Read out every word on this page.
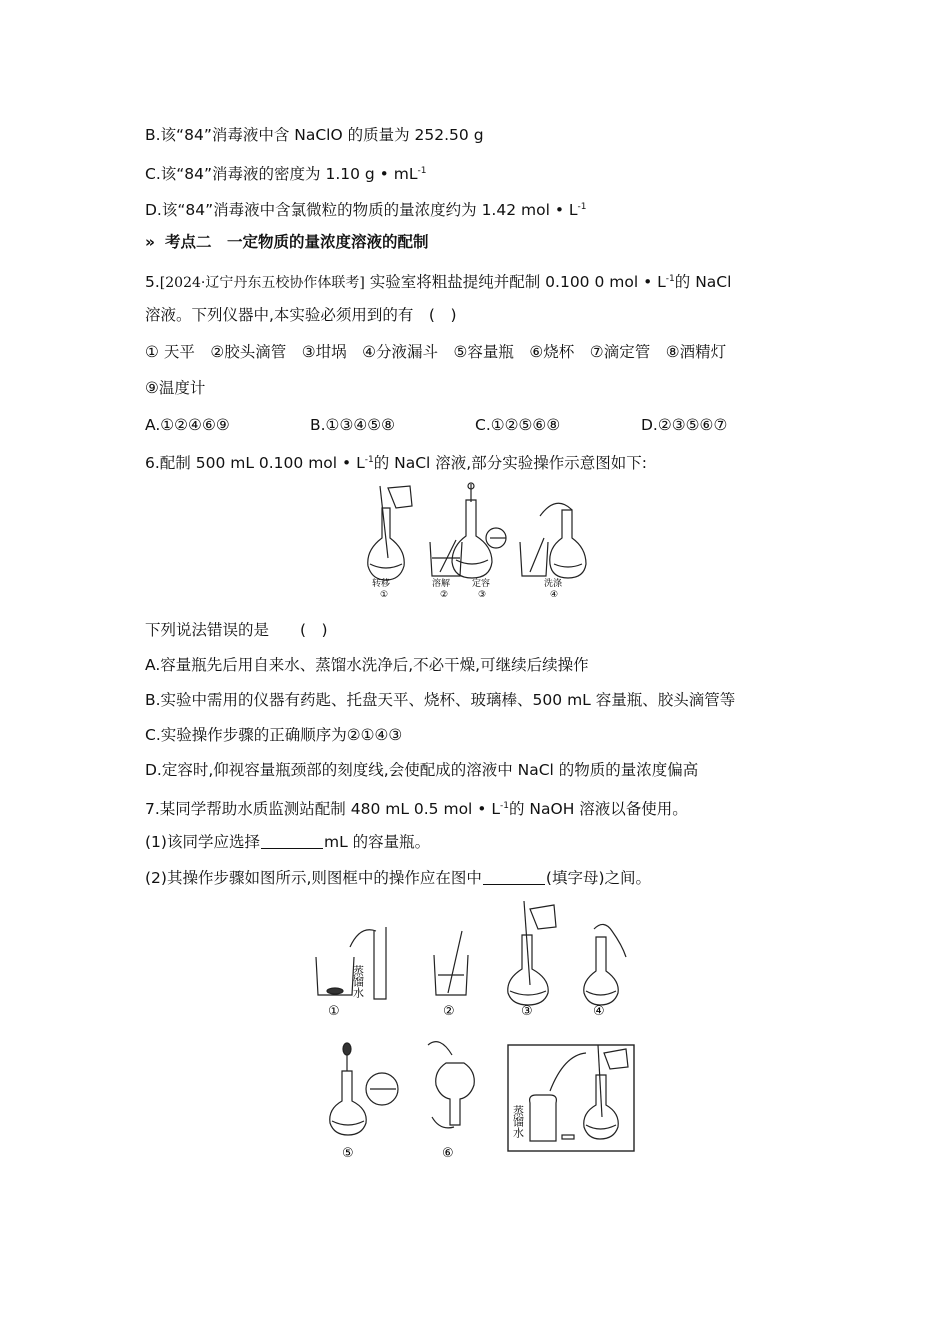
B.该“84”消毒液中含 NaClO 的质量为 252.50 g
C.该“84”消毒液的密度为 1.10 g • $mL^{-1}$
D.该“84”消毒液中含氯微粒的物质的量浓度约为 1.42 mol • $L^{-1}$
» 考点二　一定物质的量浓度溶液的配制
5.[2024·辽宁丹东五校协作体联考] 实验室将粗盐提纯并配制 0.100 0 mol • $L^{-1}$的 NaCl
溶液。下列仪器中,本实验必须用到的有　(　)
① 天平　②胶头滴管　③坩埚　④分液漏斗　⑤容量瓶　⑥烧杯　⑦滴定管　⑧酒精灯
⑨温度计
A.①②④⑥⑨	B.①③④⑤⑧	C.①②⑤⑥⑧	D.②③⑤⑥⑦
6.配制 500 mL 0.100 mol • $L^{-1}$的 NaCl 溶液,部分实验操作示意图如下:
转移
①
溶解
②
定容
③
洗涤
④
下列说法错误的是　　(　)
A.容量瓶先后用自来水、蒸馏水洗净后,不必干燥,可继续后续操作
B.实验中需用的仪器有药匙、托盘天平、烧杯、玻璃棒、500 mL 容量瓶、胶头滴管等
C.实验操作步骤的正确顺序为②①④③
D.定容时,仰视容量瓶颈部的刻度线,会使配成的溶液中 NaCl 的物质的量浓度偏高
7.某同学帮助水质监测站配制 480 mL 0.5 mol • $L^{-1}$的 NaOH 溶液以备使用。
(1)该同学应选择	mL 的容量瓶。
(2)其操作步骤如图所示,则图框中的操作应在图中	(填字母)之间。
蒸馏水
①	②	③	④
⑤	⑥
蒸馏水
